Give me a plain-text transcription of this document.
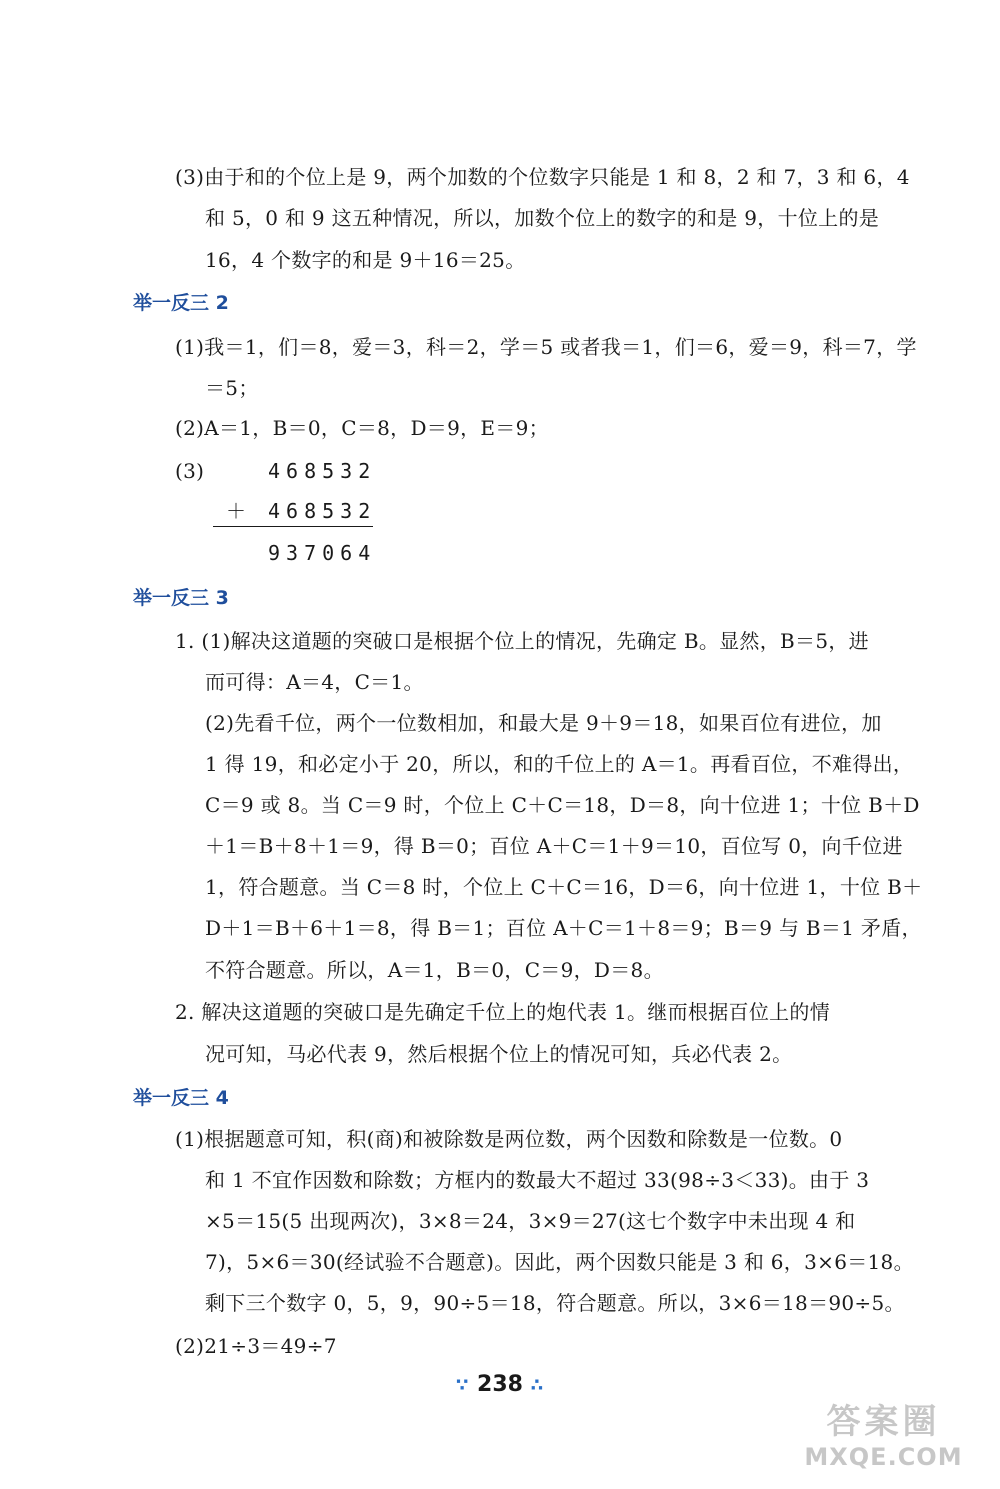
(3)由于和的个位上是 9，两个加数的个位数字只能是 1 和 8，2 和 7，3 和 6，4
和 5，0 和 9 这五种情况，所以，加数个位上的数字的和是 9，十位上的是
16，4 个数字的和是 9＋16＝25。
举一反三 2
(1)我＝1，们＝8，爱＝3，科＝2，学＝5 或者我＝1，们＝6，爱＝9，科＝7，学
＝5；
(2)A＝1，B＝0，C＝8，D＝9，E＝9；
(3)	468532
＋ 468532
937064
举一反三 3
1. (1)解决这道题的突破口是根据个位上的情况，先确定 B。显然，B＝5，进
而可得：A＝4，C＝1。
(2)先看千位，两个一位数相加，和最大是 9＋9＝18，如果百位有进位，加
1 得 19，和必定小于 20，所以，和的千位上的 A＝1。再看百位，不难得出，
C＝9 或 8。当 C＝9 时，个位上 C＋C＝18，D＝8，向十位进 1；十位 B＋D
＋1＝B＋8＋1＝9，得 B＝0；百位 A＋C＝1＋9＝10，百位写 0，向千位进
1，符合题意。当 C＝8 时，个位上 C＋C＝16，D＝6，向十位进 1，十位 B＋
D＋1＝B＋6＋1＝8，得 B＝1；百位 A＋C＝1＋8＝9；B＝9 与 B＝1 矛盾，
不符合题意。所以，A＝1，B＝0，C＝9，D＝8。
2. 解决这道题的突破口是先确定千位上的炮代表 1。继而根据百位上的情
况可知，马必代表 9，然后根据个位上的情况可知，兵必代表 2。
举一反三 4
(1)根据题意可知，积(商)和被除数是两位数，两个因数和除数是一位数。0
和 1 不宜作因数和除数；方框内的数最大不超过 33(98÷3＜33)。由于 3
×5＝15(5 出现两次)，3×8＝24，3×9＝27(这七个数字中未出现 4 和
7)，5×6＝30(经试验不合题意)。因此，两个因数只能是 3 和 6，3×6＝18。
剩下三个数字 0，5，9，90÷5＝18，符合题意。所以，3×6＝18＝90÷5。
(2)21÷3＝49÷7
∵ 238 ∴
答案圈
MXQE.COM
